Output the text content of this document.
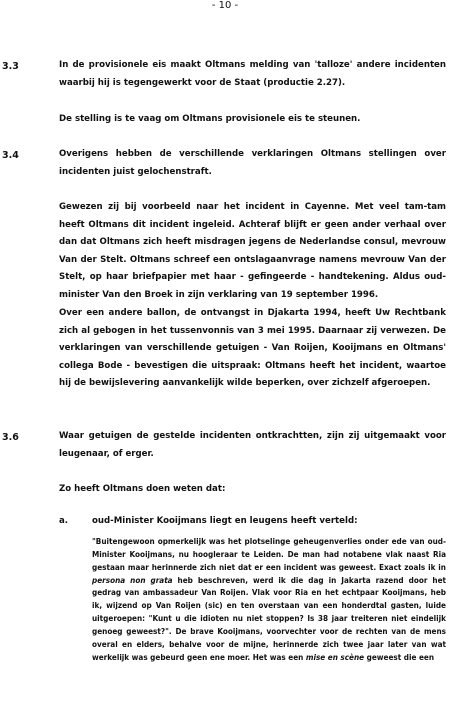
- 10 -
3.3	In de provisionele eis maakt Oltmans melding van 'talloze' andere incidenten waarbij hij is tegengewerkt voor de Staat (productie 2.27).
De stelling is te vaag om Oltmans provisionele eis te steunen.
3.4	Overigens hebben de verschillende verklaringen Oltmans stellingen over incidenten juist gelochenstraft.
Gewezen zij bij voorbeeld naar het incident in Cayenne. Met veel tam-tam heeft Oltmans dit incident ingeleid. Achteraf blijft er geen ander verhaal over dan dat Oltmans zich heeft misdragen jegens de Nederlandse consul, mevrouw Van der Stelt. Oltmans schreef een ontslagaanvrage namens mevrouw Van der Stelt, op haar briefpapier met haar - gefingeerde - handtekening. Aldus oud-minister Van den Broek in zijn verklaring van 19 september 1996.
Over een andere ballon, de ontvangst in Djakarta 1994, heeft Uw Rechtbank zich al gebogen in het tussenvonnis van 3 mei 1995. Daarnaar zij verwezen. De verklaringen van verschillende getuigen - Van Roijen, Kooijmans en Oltmans' collega Bode - bevestigen die uitspraak: Oltmans heeft het incident, waartoe hij de bewijslevering aanvankelijk wilde beperken, over zichzelf afgeroepen.
3.6	Waar getuigen de gestelde incidenten ontkrachtten, zijn zij uitgemaakt voor leugenaar, of erger.
Zo heeft Oltmans doen weten dat:
a.	oud-Minister Kooijmans liegt en leugens heeft verteld:
"Buitengewoon opmerkelijk was het plotselinge geheugenverlies onder ede van oud-Minister Kooijmans, nu hoogleraar te Leiden. De man had notabene vlak naast Ria gestaan maar herinnerde zich niet dat er een incident was geweest. Exact zoals ik in persona non grata heb beschreven, werd ik die dag in Jakarta razend door het gedrag van ambassadeur Van Roijen. Vlak voor Ria en het echtpaar Kooijmans, heb ik, wijzend op Van Roijen (sic) en ten overstaan van een honderdtal gasten, luide uitgeroepen: "Kunt u die idioten nu niet stoppen? Is 38 jaar treiteren niet eindelijk genoeg geweest?". De brave Kooijmans, voorvechter voor de rechten van de mens overal en elders, behalve voor de mijne, herinnerde zich twee jaar later van wat werkelijk was gebeurd geen ene moer. Het was een mise en scène geweest die een
